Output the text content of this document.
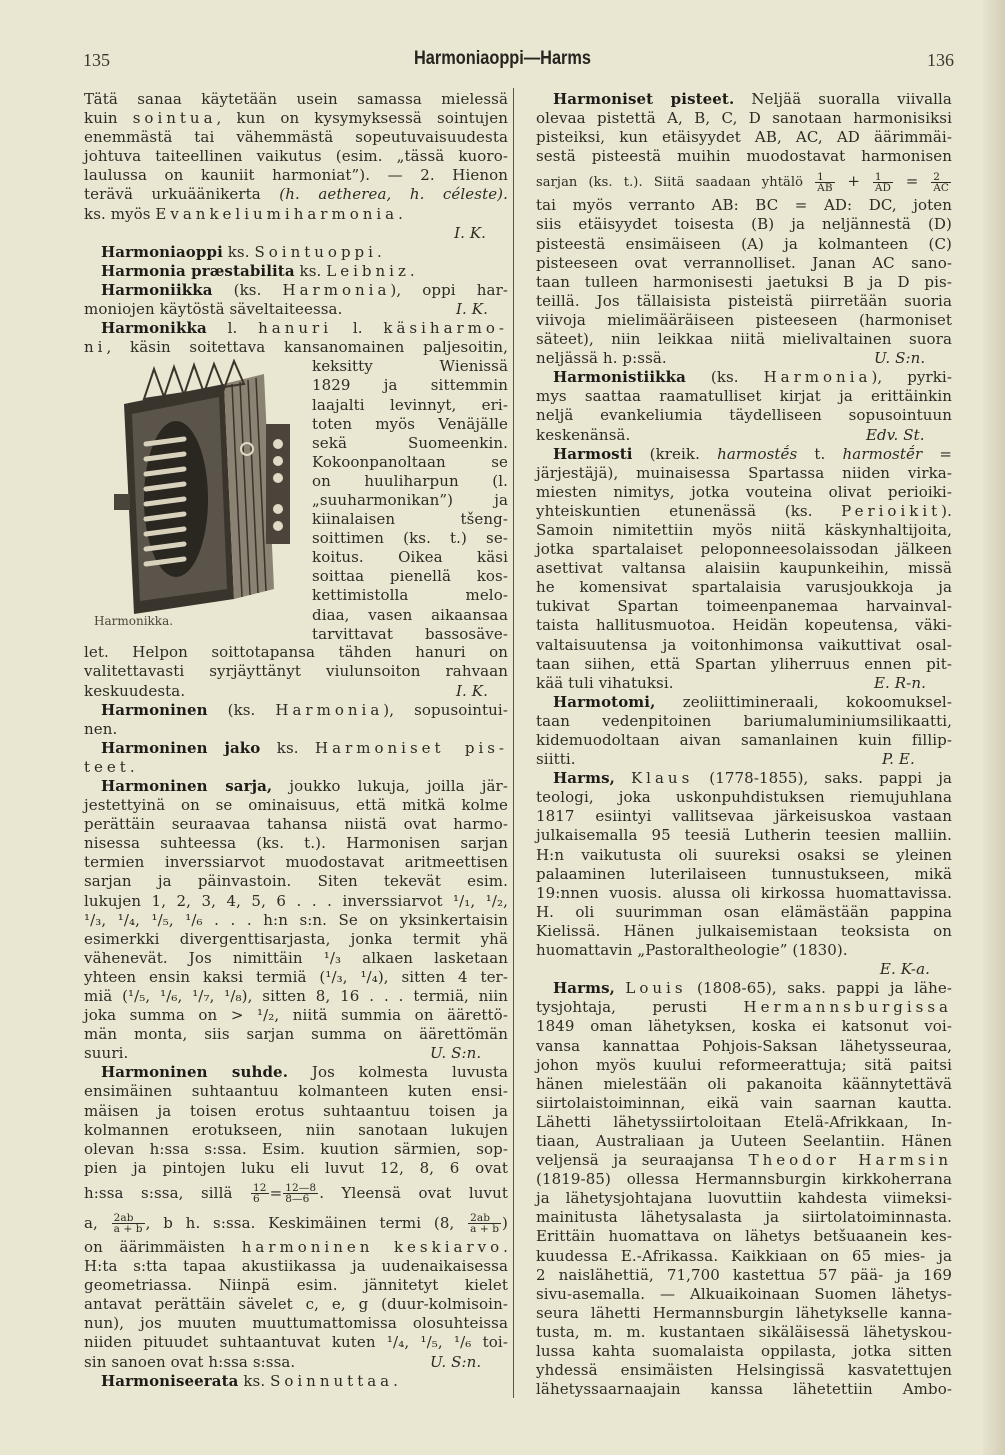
135	Harmoniaoppi—Harms	136
Tätä sanaa käytetään usein samassa mielessä
kuin sointua, kun on kysymyksessä sointujen
enemmästä tai vähemmästä sopeutuvaisuudesta
johtuva taiteellinen vaikutus (esim. „tässä kuoro-
laulussa on kauniit harmoniat”). — 2. Hienon
terävä urkuäänikerta (h. aetherea, h. céleste).
ks. myös Evankeliumiharmonia.
I. K.
Harmoniaoppi ks. Sointuoppi.
Harmonia præstabilita ks. Leibniz.
Harmoniikka (ks. Harmonia), oppi har-
moniojen käytöstä säveltaiteessa.	I. K.
Harmonikka l. hanuri l. käsiharmo-
ni, käsin soitettava kansanomainen paljesoitin,
Harmonikka.
keksitty Wienissä
1829 ja sittemmin
laajalti levinnyt, eri-
toten myös Venäjälle
sekä Suomeenkin.
Kokoonpanoltaan se
on huuliharpun (l.
„suuharmonikan”) ja
kiinalaisen tšeng-
soittimen (ks. t.) se-
koitus. Oikea käsi
soittaa pienellä kos-
kettimistolla melo-
diaa, vasen aikaansaa
tarvittavat bassosäve-
let. Helpon soittotapansa tähden hanuri on
valitettavasti syrjäyttänyt viulunsoiton rahvaan
keskuudesta.	I. K.
Harmoninen (ks. Harmonia), sopusointui-
nen.
Harmoninen jako ks. Harmoniset pis-
teet.
Harmoninen sarja, joukko lukuja, joilla jär-
jestettyinä on se ominaisuus, että mitkä kolme
perättäin seuraavaa tahansa niistä ovat harmo-
nisessa suhteessa (ks. t.). Harmonisen sarjan
termien inverssiarvot muodostavat aritmeettisen
sarjan ja päinvastoin. Siten tekevät esim.
lukujen 1, 2, 3, 4, 5, 6 . . . inverssiarvot ¹/₁, ¹/₂,
¹/₃, ¹/₄, ¹/₅, ¹/₆ . . . h:n s:n. Se on yksinkertaisin
esimerkki divergenttisarjasta, jonka termit yhä
vähenevät. Jos nimittäin ¹/₃ alkaen lasketaan
yhteen ensin kaksi termiä (¹/₃, ¹/₄), sitten 4 ter-
miä (¹/₅, ¹/₆, ¹/₇, ¹/₈), sitten 8, 16 . . . termiä, niin
joka summa on > ¹/₂, niitä summia on äärettö-
män monta, siis sarjan summa on äärettömän
suuri.	U. S:n.
Harmoninen suhde. Jos kolmesta luvusta
ensimäinen suhtaantuu kolmanteen kuten ensi-
mäisen ja toisen erotus suhtaantuu toisen ja
kolmannen erotukseen, niin sanotaan lukujen
olevan h:ssa s:ssa. Esim. kuution särmien, sop-
pien ja pintojen luku eli luvut 12, 8, 6 ovat
h:ssa s:ssa, sillä $\frac{12}{6} = \frac{12—8}{8—6}$ . Yleensä ovat luvut
a, $\frac{2ab}{a + b}$ , b h. s:ssa. Keskimäinen termi (8, $\frac{2ab}{a + b}$ )
on äärimmäisten harmoninen keskiarvo.
H:ta s:tta tapaa akustiikassa ja uudenaikaisessa
geometriassa. Niinpä esim. jännitetyt kielet
antavat perättäin sävelet c, e, g (duur-kolmisoin-
nun), jos muuten muuttumattomissa olosuhteissa
niiden pituudet suhtaantuvat kuten ¹/₄, ¹/₅, ¹/₆ toi-
sin sanoen ovat h:ssa s:ssa.	U. S:n.
Harmoniseerata ks. Soinnuttaa.
Harmoniset pisteet. Neljää suoralla viivalla
olevaa pistettä A, B, C, D sanotaan harmonisiksi
pisteiksi, kun etäisyydet AB, AC, AD äärimmäi-
sestä pisteestä muihin muodostavat harmonisen
sarjan (ks. t.). Siitä saadaan yhtälö $\frac{1}{AB} + \frac{1}{AD} = \frac{2}{AC}$
tai myös verranto AB: BC = AD: DC, joten
siis etäisyydet toisesta (B) ja neljännestä (D)
pisteestä ensimäiseen (A) ja kolmanteen (C)
pisteeseen ovat verrannolliset. Janan AC sano-
taan tulleen harmonisesti jaetuksi B ja D pis-
teillä. Jos tällaisista pisteistä piirretään suoria
viivoja mielimääräiseen pisteeseen (harmoniset
säteet), niin leikkaa niitä mielivaltainen suora
neljässä h. p:ssä.	U. S:n.
Harmonistiikka (ks. Harmonia), pyrki-
mys saattaa raamatulliset kirjat ja erittäinkin
neljä evankeliumia täydelliseen sopusointuun
keskenänsä.	Edv. St.
Harmosti (kreik. harmostḗs t. harmostḗr =
järjestäjä), muinaisessa Spartassa niiden virka-
miesten nimitys, jotka vouteina olivat perioiki-
yhteiskuntien etunenässä (ks. Perioikit).
Samoin nimitettiin myös niitä käskynhaltijoita,
jotka spartalaiset peloponneesolaissodan jälkeen
asettivat valtansa alaisiin kaupunkeihin, missä
he komensivat spartalaisia varusjoukkoja ja
tukivat Spartan toimeenpanemaa harvainval-
taista hallitusmuotoa. Heidän kopeutensa, väki-
valtaisuutensa ja voitonhimonsa vaikuttivat osal-
taan siihen, että Spartan yliherruus ennen pit-
kää tuli vihatuksi.	E. R-n.
Harmotomi, zeoliittimineraali, kokoomuksel-
taan vedenpitoinen bariumaluminiumsilikaatti,
kidemuodoltaan aivan samanlainen kuin fillip-
siitti.	P. E.
Harms, Klaus (1778-1855), saks. pappi ja
teologi, joka uskonpuhdistuksen riemujuhlana
1817 esiintyi vallitsevaa järkeisuskoa vastaan
julkaisemalla 95 teesiä Lutherin teesien malliin.
H:n vaikutusta oli suureksi osaksi se yleinen
palaaminen luterilaiseen tunnustukseen, mikä
19:nnen vuosis. alussa oli kirkossa huomattavissa.
H. oli suurimman osan elämästään pappina
Kielissä. Hänen julkaisemistaan teoksista on
huomattavin „Pastoraltheologie” (1830).
E. K-a.
Harms, Louis (1808-65), saks. pappi ja lähe-
tysjohtaja, perusti Hermannsburgissa
1849 oman lähetyksen, koska ei katsonut voi-
vansa kannattaa Pohjois-Saksan lähetysseuraa,
johon myös kuului reformeerattuja; sitä paitsi
hänen mielestään oli pakanoita käännytettävä
siirtolaistoiminnan, eikä vain saarnan kautta.
Lähetti lähetyssiirtoloitaan Etelä-Afrikkaan, In-
tiaan, Australiaan ja Uuteen Seelantiin. Hänen
veljensä ja seuraajansa Theodor Harmsin
(1819-85) ollessa Hermannsburgin kirkkoherrana
ja lähetysjohtajana luovuttiin kahdesta viimeksi-
mainitusta lähetysalasta ja siirtolatoiminnasta.
Erittäin huomattava on lähetys betšuaanein kes-
kuudessa E.-Afrikassa. Kaikkiaan on 65 mies- ja
2 naislähettiä, 71,700 kastettua 57 pää- ja 169
sivu-asemalla. — Alkuaikoinaan Suomen lähetys-
seura lähetti Hermannsburgin lähetykselle kanna-
tusta, m. m. kustantaen sikäläisessä lähetyskou-
lussa kahta suomalaista oppilasta, jotka sitten
yhdessä ensimäisten Helsingissä kasvatettujen
lähetyssaarnaajain kanssa lähetettiin Ambo-
